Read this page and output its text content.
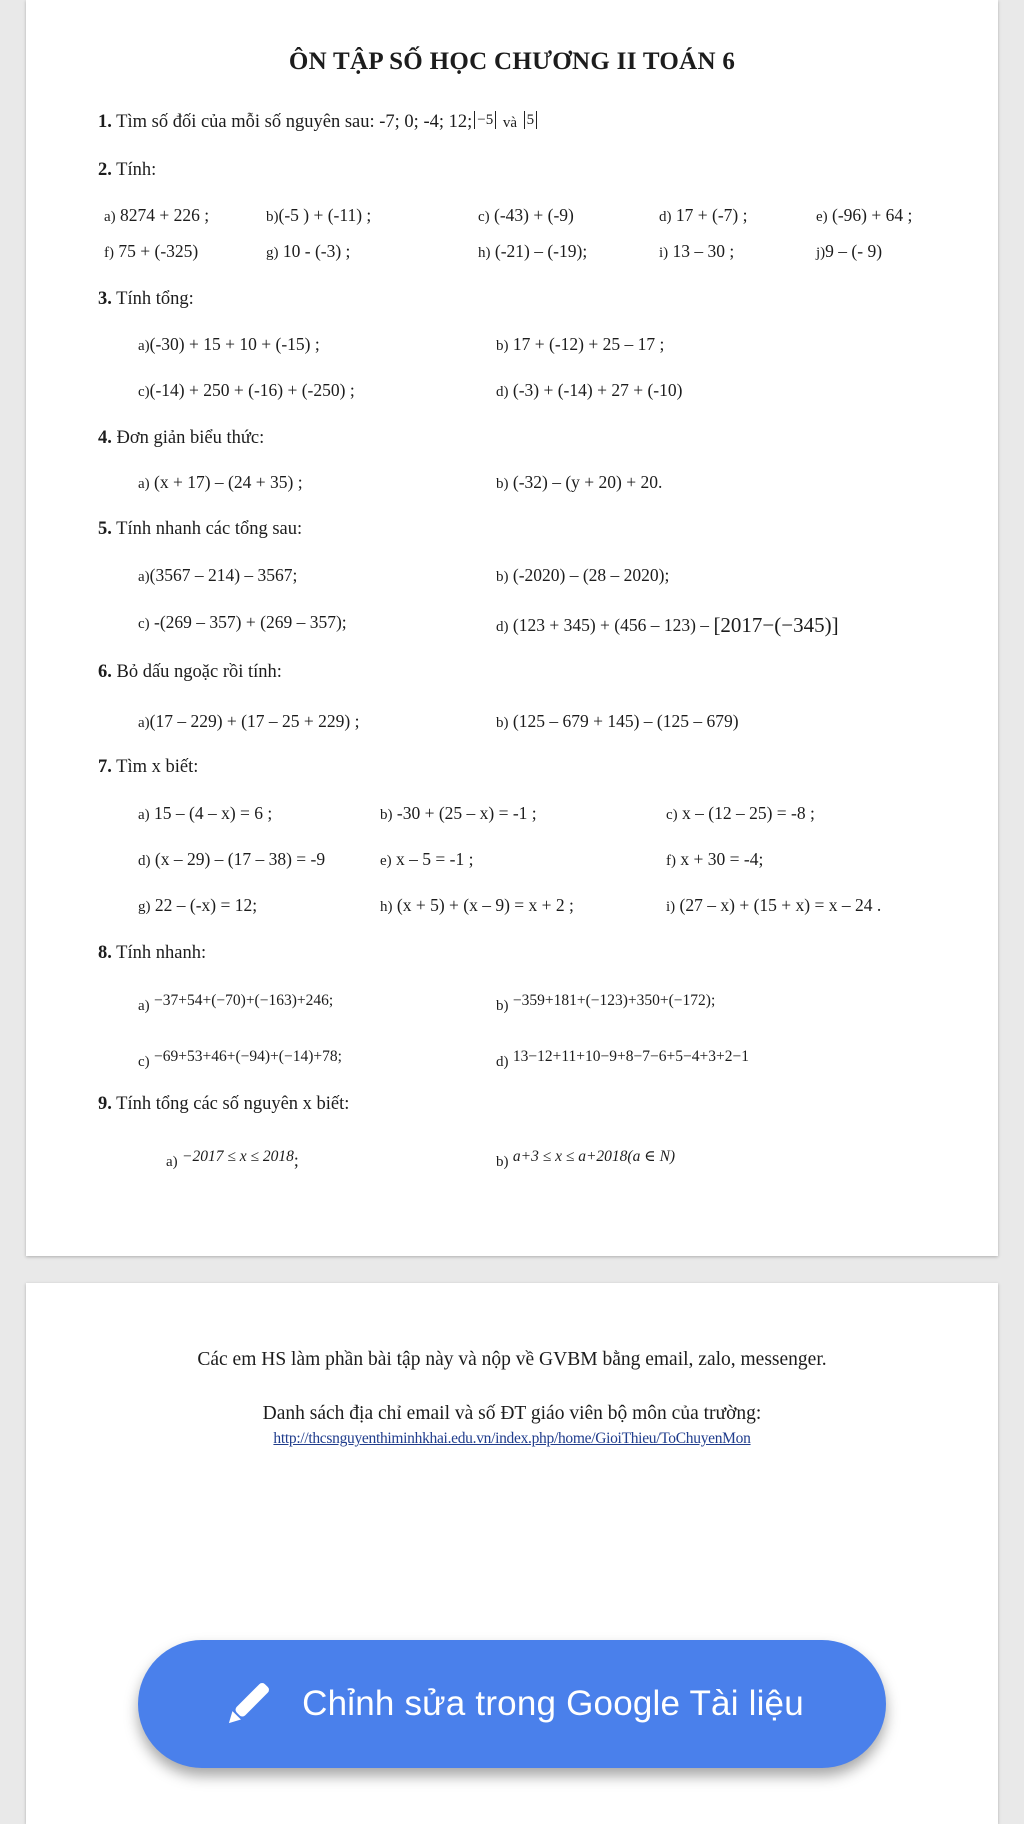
ÔN TẬP SỐ HỌC CHƯƠNG II TOÁN 6
1. Tìm số đối của mỗi số nguyên sau: -7; 0; -4; 12; −5 và 5
2. Tính:
a) 8274 + 226 ;	b)(-5 ) + (-11) ;	c) (-43) + (-9)	d) 17 + (-7) ;	e) (-96) + 64 ;
f) 75 + (-325)	g) 10 - (-3) ;	h) (-21) – (-19);	i) 13 – 30 ;	j)9 – (- 9)
3. Tính tổng:
a)(-30) + 15 + 10 + (-15) ;	b) 17 + (-12) + 25 – 17 ;
c)(-14) + 250 + (-16) + (-250) ;	d) (-3) + (-14) + 27 + (-10)
4. Đơn giản biểu thức:
a) (x + 17) – (24 + 35) ;	b) (-32) – (y + 20) + 20.
5. Tính nhanh các tổng sau:
a)(3567 – 214) – 3567;	b) (-2020) – (28 – 2020);
c) -(269 – 357) + (269 – 357);	d) (123 + 345) + (456 – 123) – [2017−(−345)]
6. Bỏ dấu ngoặc rồi tính:
a)(17 – 229) + (17 – 25 + 229) ;	b) (125 – 679 + 145) – (125 – 679)
7. Tìm x biết:
a) 15 – (4 – x) = 6 ;	b) -30 + (25 – x) = -1 ;	c) x – (12 – 25) = -8 ;
d) (x – 29) – (17 – 38) = -9	e) x – 5 = -1 ;	f) x + 30 = -4;
g) 22 – (-x) = 12;	h) (x + 5) + (x – 9) = x + 2 ;	i) (27 – x) + (15 + x) = x – 24 .
8. Tính nhanh:
a) −37+54+(−70)+(−163)+246;	b) −359+181+(−123)+350+(−172);
c) −69+53+46+(−94)+(−14)+78;	d) 13−12+11+10−9+8−7−6+5−4+3+2−1
9. Tính tổng các số nguyên x biết:
a) −2017 ≤ x ≤ 2018;	b) a+3 ≤ x ≤ a+2018(a ∈ N)
Các em HS làm phần bài tập này và nộp về GVBM bằng email, zalo, messenger.
Danh sách địa chỉ email và số ĐT giáo viên bộ môn của trường:
http://thcsnguyenthiminhkhai.edu.vn/index.php/home/GioiThieu/ToChuyenMon
Chỉnh sửa trong Google Tài liệu
